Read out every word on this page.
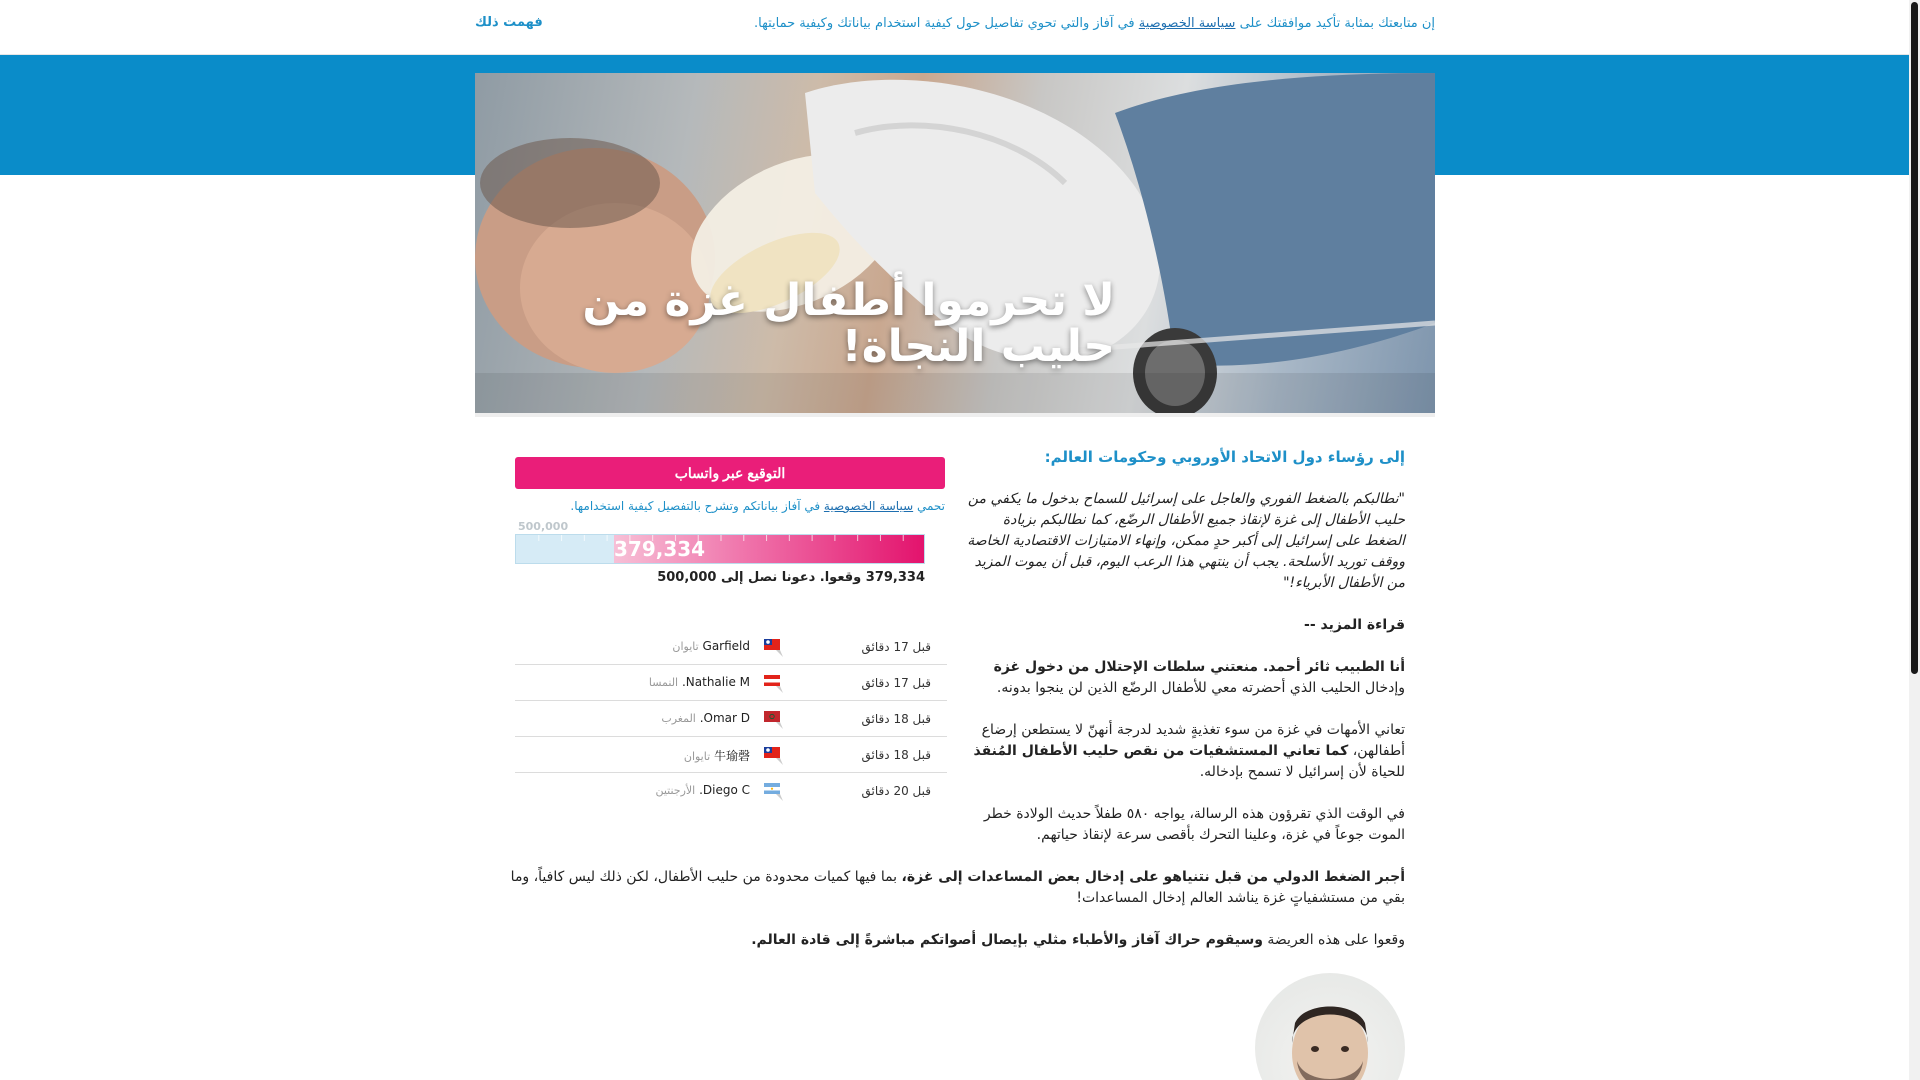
إن متابعتك بمثابة تأكيد موافقتك على سياسة الخصوصية في آفاز والتي تحوي تفاصيل حول كيفية استخدام بياناتك وكيفية حمايتها.
فهمت ذلك
لا تحرموا أطفال غزة من حليب النجاة!

إلى رؤساء دول الاتحاد الأوروبي وحكومات العالم:

"نطالبكم بالضغط الفوري والعاجل على إسرائيل للسماح بدخول ما يكفي من حليب الأطفال إلى غزة لإنقاذ جميع الأطفال الرضّع، كما نطالبكم بزيادة الضغط على إسرائيل إلى أكبر حدٍ ممكن، وإنهاء الامتيازات الاقتصادية الخاصة ووقف توريد الأسلحة. يجب أن ينتهي هذا الرعب اليوم، قبل أن يموت المزيد من الأطفال الأبرياء!"

قراءة المزيد --

أنا الطبيب ثائر أحمد. منعتني سلطات الإحتلال من دخول غزة وإدخال الحليب الذي أحضرته معي للأطفال الرضّع الذين لن ينجوا بدونه.

تعاني الأمهات في غزة من سوء تغذيةٍ شديد لدرجة أنهنّ لا يستطعن إرضاع أطفالهن، كما تعاني المستشفيات من نقص حليب الأطفال المُنقذ للحياة لأن إسرائيل لا تسمح بإدخاله.

في الوقت الذي تقرؤون هذه الرسالة، يواجه ٥٨٠ طفلاً حديث الولادة خطر الموت جوعاً في غزة، وعلينا التحرك بأقصى سرعة لإنقاذ حياتهم.

أجبر الضغط الدولي من قبل نتنياهو على إدخال بعض المساعدات إلى غزة، بما فيها كميات محدودة من حليب الأطفال، لكن ذلك ليس كافياً، وما بقي من مستشفياتٍ غزة يناشد العالم إدخال المساعدات!

وقعوا على هذه العريضة وسيقوم حراك آفاز والأطباء مثلي بإيصال أصواتكم مباشرةً إلى قادة العالم.

التوقيع عبر واتساب
تحمي سياسة الخصوصية في آفاز بياناتكم وتشرح بالتفصيل كيفية استخدامها.
500,000
379,334
379,334 وقعوا. دعونا نصل إلى 500,000
قبل 17 دقائق
Garfield تايوان
قبل 17 دقائق
Nathalie M. النمسا
قبل 18 دقائق
Omar D. المغرب
قبل 18 دقائق
牛瑜磬 تايوان
قبل 20 دقائق
Diego C. الأرجنتين
